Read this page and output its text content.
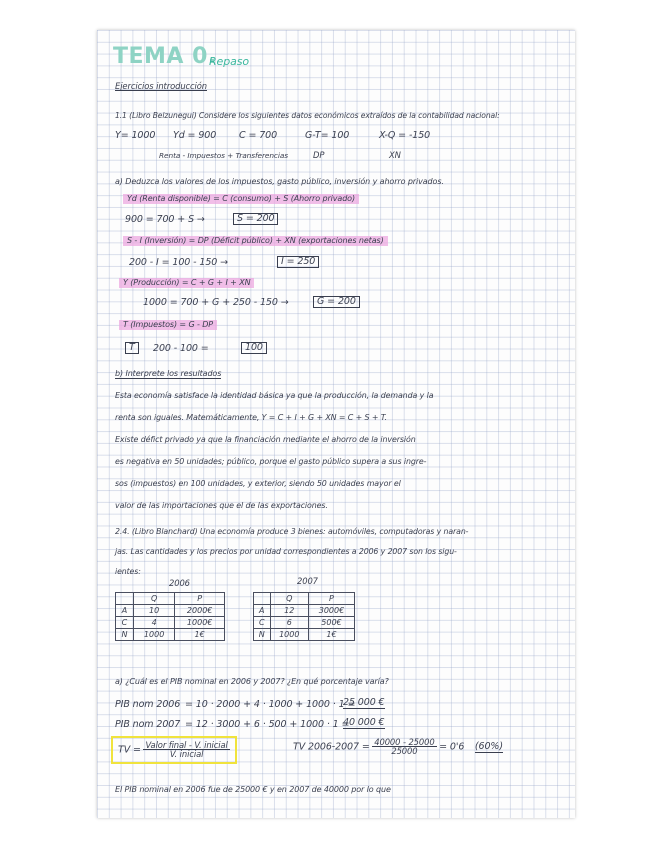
TEMA 0.
Repaso
Ejercicios introducción
1.1 (Libro Belzunegui) Considere los siguientes datos económicos extraídos de la contabilidad nacional:
Y= 1000 Yd = 900 C = 700	G-T= 100	X-Q = -150
Renta - Impuestos + Transferencias	DP	XN
a) Deduzca los valores de los impuestos, gasto público, inversión y ahorro privados.
Yd (Renta disponible) = C (consumo) + S (Ahorro privado)
900 = 700 + S →	S = 200
S - I (Inversión) = DP (Déficit público) + XN (exportaciones netas)
200 - I = 100 - 150 →	I = 250
Y (Producción) = C + G + I + XN
1000 = 700 + G + 250 - 150 →	G = 200
T (Impuestos) = G - DP
T	200 - 100 =	100
b) Interprete los resultados
Esta economía satisface la identidad básica ya que la producción, la demanda y la
renta son iguales. Matemáticamente, Y = C + I + G + XN = C + S + T.
Existe défict privado ya que la financiación mediante el ahorro de la inversión
es negativa en 50 unidades; público, porque el gasto público supera a sus ingre-
sos (impuestos) en 100 unidades, y exterior, siendo 50 unidades mayor el
valor de las importaciones que el de las exportaciones.
2.4. (Libro Blanchard) Una economía produce 3 bienes: automóviles, computadoras y naran-
jas. Las cantidades y los precios por unidad correspondientes a 2006 y 2007 son los sigu-
ientes:
2006
	Q	P
A	10	2000€
C	4	1000€
N	1000	1€
2007
	Q	P
A	12	3000€
C	6	500€
N	1000	1€
a) ¿Cuál es el PIB nominal en 2006 y 2007? ¿En qué porcentaje varía?
PIB nom 2006 = 10 · 2000 + 4 · 1000 + 1000 · 1 =
25 000 €
PIB nom 2007 = 12 · 3000 + 6 · 500 + 1000 · 1 =
40 000 €
TV = $\frac{\text{Valor final - V. inicial}}{\text{V. inicial}}$	TV $2006-2007 = \frac{40000 - 25000}{25000} = 0'6$ (60%)
El PIB nominal en 2006 fue de 25000 € y en 2007 de 40000 por lo que
